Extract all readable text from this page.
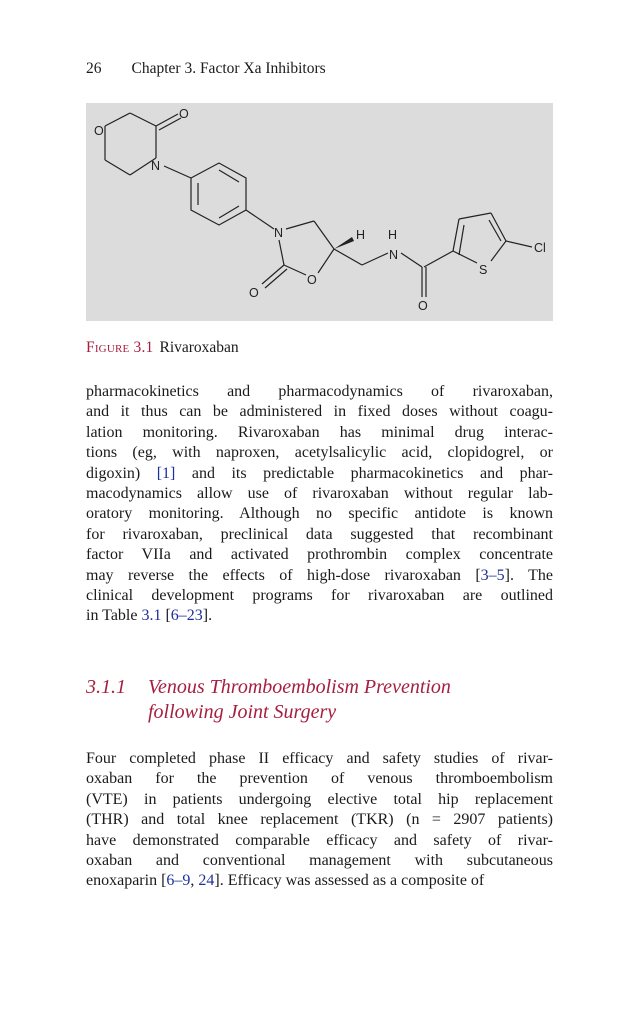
26 Chapter 3. Factor Xa Inhibitors
O
O
N
N	H H
N
O
O
O
S
Cl
Figure 3.1 Rivaroxaban

pharmacokinetics and pharmacodynamics of rivaroxaban,
and it thus can be administered in fixed doses without coagu-
lation monitoring. Rivaroxaban has minimal drug interac-
tions (eg, with naproxen, acetylsalicylic acid, clopidogrel, or
digoxin) [1] and its predictable pharmacokinetics and phar-
macodynamics allow use of rivaroxaban without regular lab-
oratory monitoring. Although no specific antidote is known
for rivaroxaban, preclinical data suggested that recombinant
factor VIIa and activated prothrombin complex concentrate
may reverse the effects of high-dose rivaroxaban [3–5]. The
clinical development programs for rivaroxaban are outlined
in Table 3.1 [6–23].

3.1.1 Venous Thromboembolism Prevention
following Joint Surgery

Four completed phase II efficacy and safety studies of rivar-
oxaban for the prevention of venous thromboembolism
(VTE) in patients undergoing elective total hip replacement
(THR) and total knee replacement (TKR) (n = 2907 patients)
have demonstrated comparable efficacy and safety of rivar-
oxaban and conventional management with subcutaneous
enoxaparin [6–9, 24]. Efficacy was assessed as a composite of
